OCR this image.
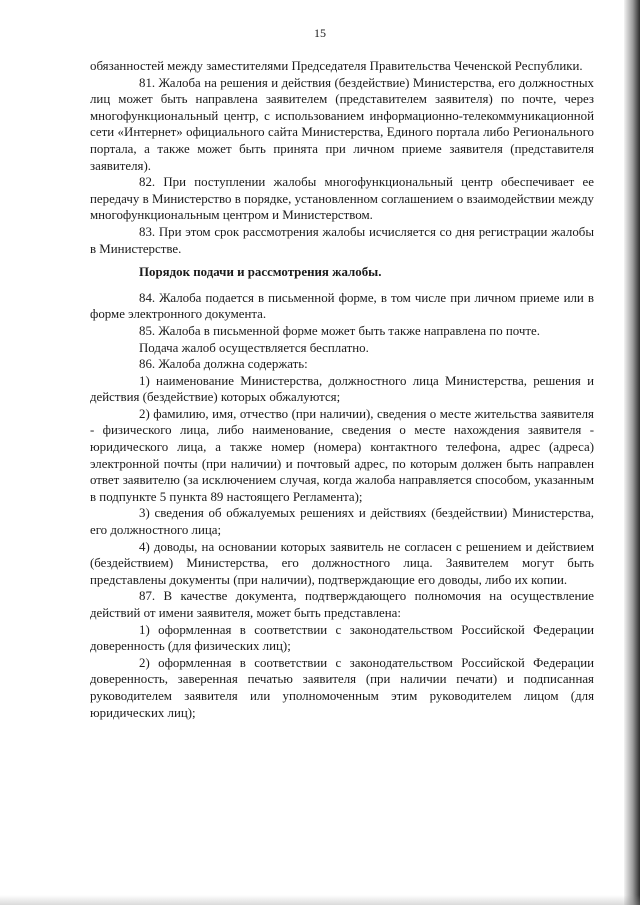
15

обязанностей между заместителями Председателя Правительства Чеченской Республики.

81. Жалоба на решения и действия (бездействие) Министерства, его должностных лиц может быть направлена заявителем (представителем заявителя) по почте, через многофункциональный центр, с использованием информационно-телекоммуникационной сети «Интернет» официального сайта Министерства, Единого портала либо Регионального портала, а также может быть принята при личном приеме заявителя (представителя заявителя).

82. При поступлении жалобы многофункциональный центр обеспечивает ее передачу в Министерство в порядке, установленном соглашением о взаимодействии между многофункциональным центром и Министерством.

83. При этом срок рассмотрения жалобы исчисляется со дня регистрации жалобы в Министерстве.

Порядок подачи и рассмотрения жалобы.

84. Жалоба подается в письменной форме, в том числе при личном приеме или в форме электронного документа.

85. Жалоба в письменной форме может быть также направлена по почте.

Подача жалоб осуществляется бесплатно.

86. Жалоба должна содержать:

1) наименование Министерства, должностного лица Министерства, решения и действия (бездействие) которых обжалуются;

2) фамилию, имя, отчество (при наличии), сведения о месте жительства заявителя - физического лица, либо наименование, сведения о месте нахождения заявителя - юридического лица, а также номер (номера) контактного телефона, адрес (адреса) электронной почты (при наличии) и почтовый адрес, по которым должен быть направлен ответ заявителю (за исключением случая, когда жалоба направляется способом, указанным в подпункте 5 пункта 89 настоящего Регламента);

3) сведения об обжалуемых решениях и действиях (бездействии) Министерства, его должностного лица;

4) доводы, на основании которых заявитель не согласен с решением и действием (бездействием) Министерства, его должностного лица. Заявителем могут быть представлены документы (при наличии), подтверждающие его доводы, либо их копии.

87. В качестве документа, подтверждающего полномочия на осуществление действий от имени заявителя, может быть представлена:

1) оформленная в соответствии с законодательством Российской Федерации доверенность (для физических лиц);

2) оформленная в соответствии с законодательством Российской Федерации доверенность, заверенная печатью заявителя (при наличии печати) и подписанная руководителем заявителя или уполномоченным этим руководителем лицом (для юридических лиц);
